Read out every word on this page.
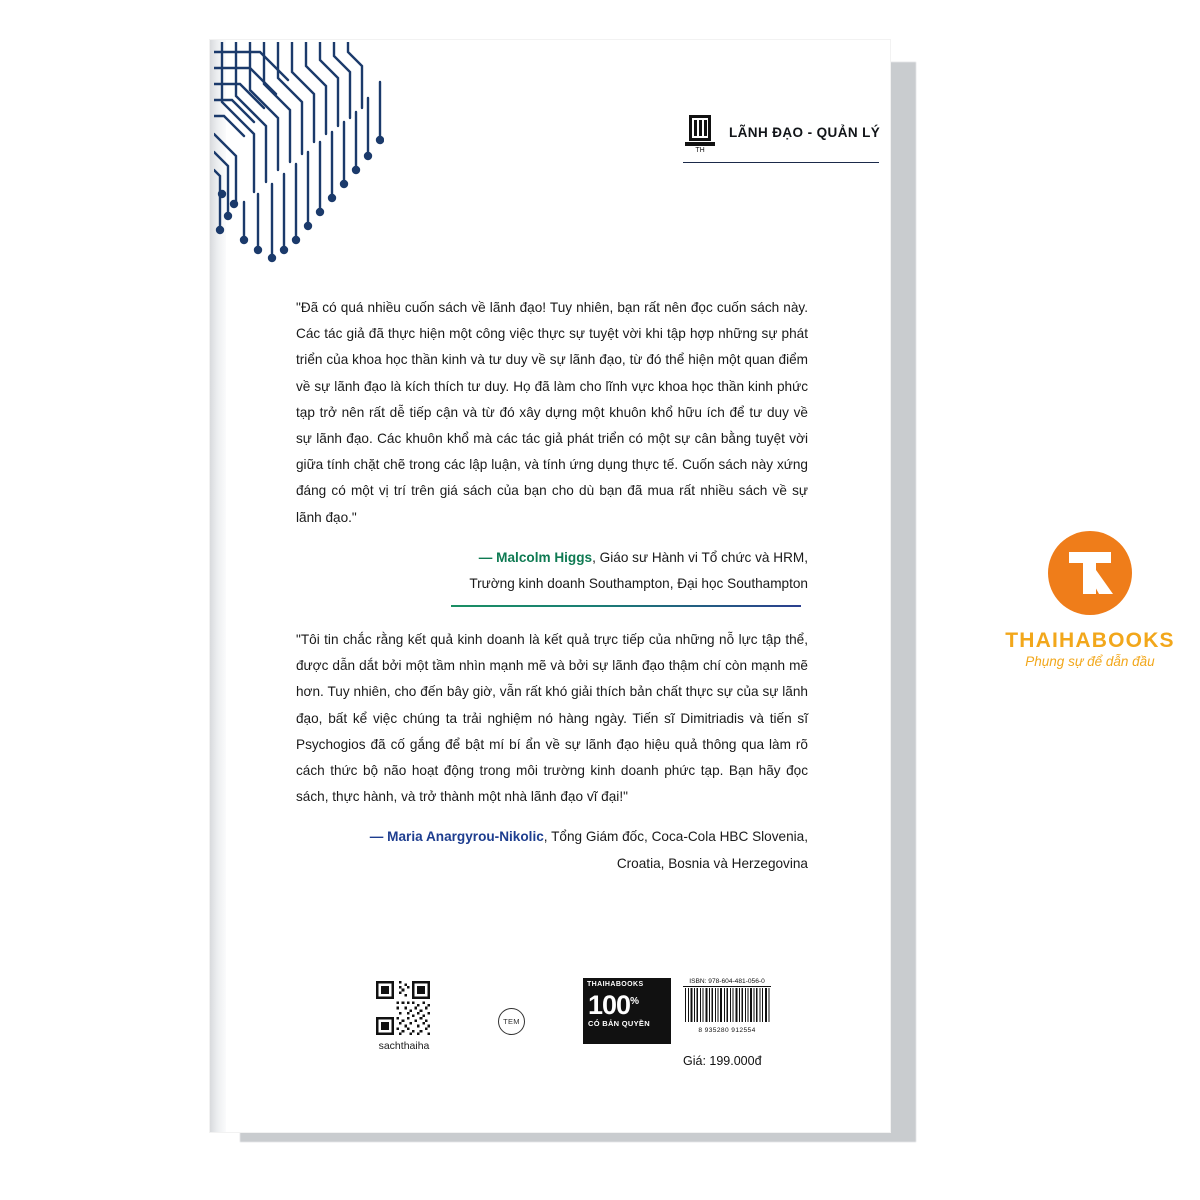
TH
LÃNH ĐẠO - QUẢN LÝ
"Đã có quá nhiều cuốn sách về lãnh đạo! Tuy nhiên, bạn rất nên đọc cuốn sách này. Các tác giả đã thực hiện một công việc thực sự tuyệt vời khi tập hợp những sự phát triển của khoa học thần kinh và tư duy về sự lãnh đạo, từ đó thể hiện một quan điểm về sự lãnh đạo là kích thích tư duy. Họ đã làm cho lĩnh vực khoa học thần kinh phức tạp trở nên rất dễ tiếp cận và từ đó xây dựng một khuôn khổ hữu ích để tư duy về sự lãnh đạo. Các khuôn khổ mà các tác giả phát triển có một sự cân bằng tuyệt vời giữa tính chặt chẽ trong các lập luận, và tính ứng dụng thực tế. Cuốn sách này xứng đáng có một vị trí trên giá sách của bạn cho dù bạn đã mua rất nhiều sách về sự lãnh đạo."
— Malcolm Higgs, Giáo sư Hành vi Tổ chức và HRM,
Trường kinh doanh Southampton, Đại học Southampton
"Tôi tin chắc rằng kết quả kinh doanh là kết quả trực tiếp của những nỗ lực tập thể, được dẫn dắt bởi một tầm nhìn mạnh mẽ và bởi sự lãnh đạo thậm chí còn mạnh mẽ hơn. Tuy nhiên, cho đến bây giờ, vẫn rất khó giải thích bản chất thực sự của sự lãnh đạo, bất kể việc chúng ta trải nghiệm nó hàng ngày. Tiến sĩ Dimitriadis và tiến sĩ Psychogios đã cố gắng để bật mí bí ẩn về sự lãnh đạo hiệu quả thông qua làm rõ cách thức bộ não hoạt động trong môi trường kinh doanh phức tạp. Bạn hãy đọc sách, thực hành, và trở thành một nhà lãnh đạo vĩ đại!"
— Maria Anargyrou-Nikolic, Tổng Giám đốc, Coca-Cola HBC Slovenia,
Croatia, Bosnia và Herzegovina
sachthaiha
TEM
THAIHABOOKS
100%
CÓ BẢN QUYỀN
ISBN: 978-604-481-056-0
8 935280 912554
Giá: 199.000đ
THAIHABOOKS
Phụng sự để dẫn đầu
